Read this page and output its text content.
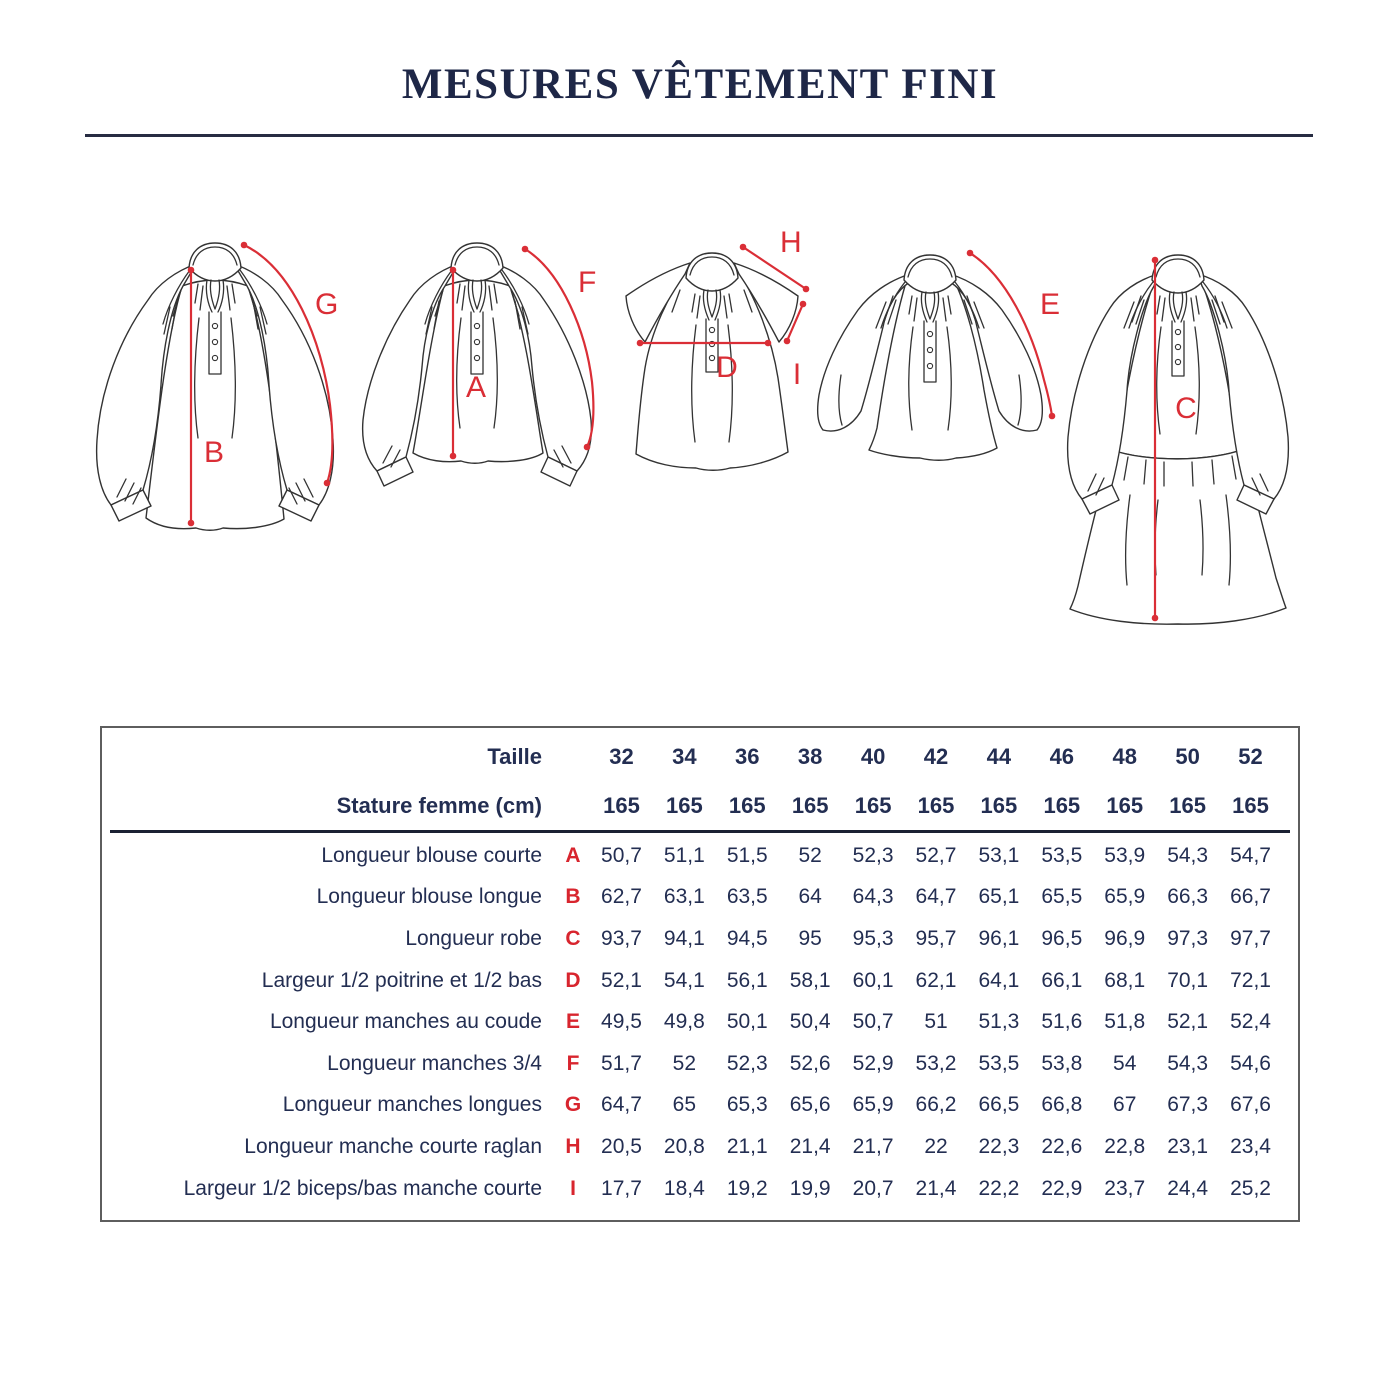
MESURES VÊTEMENT FINI
B
G
A
F
H
D I
E
C
Taille	32	34	36	38	40	42	44	46	48	50	52
Stature femme (cm)	165	165	165	165	165	165	165	165	165	165	165
Longueur blouse courte	A 50,7	51,1	51,5	52	52,3	52,7	53,1	53,5	53,9	54,3	54,7
Longueur blouse longue	B 62,7	63,1	63,5	64	64,3	64,7	65,1	65,5	65,9	66,3	66,7
Longueur robe	C 93,7	94,1	94,5	95	95,3	95,7	96,1	96,5	96,9	97,3	97,7
Largeur 1/2 poitrine et 1/2 bas	D 52,1	54,1	56,1	58,1	60,1	62,1	64,1	66,1	68,1	70,1	72,1
Longueur manches au coude	E	49,5	49,8	50,1	50,4	50,7	51	51,3	51,6	51,8	52,1	52,4
Longueur manches 3/4	F	51,7	52	52,3	52,6	52,9	53,2	53,5	53,8	54	54,3	54,6
Longueur manches longues	G 64,7	65	65,3	65,6	65,9	66,2	66,5	66,8	67	67,3	67,6
Longueur manche courte raglan	H 20,5	20,8	21,1	21,4	21,7	22	22,3	22,6	22,8	23,1	23,4
Largeur 1/2 biceps/bas manche courte	I	17,7	18,4	19,2	19,9	20,7	21,4	22,2	22,9	23,7	24,4	25,2
